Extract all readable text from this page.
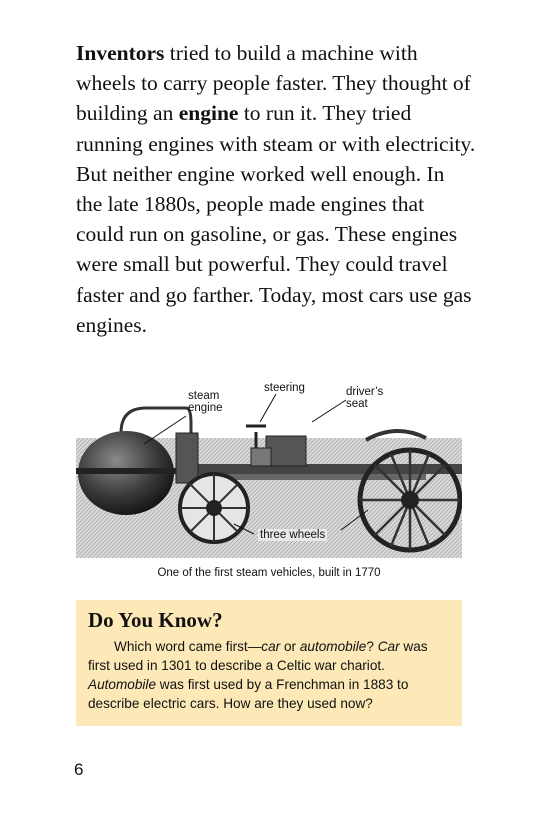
Inventors tried to build a machine with wheels to carry people faster. They thought of building an engine to run it. They tried running engines with steam or with electricity. But neither engine worked well enough. In the late 1880s, people made engines that could run on gasoline, or gas. These engines were small but powerful. They could travel faster and go farther. Today, most cars use gas engines.

steam
engine
steering	driver’s
seat
three wheels
One of the first steam vehicles, built in 1770
Do You Know?

Which word came first—car or automobile? Car was first used in 1301 to describe a Celtic war chariot. Automobile was first used by a Frenchman in 1883 to describe electric cars. How are they used now?

6
